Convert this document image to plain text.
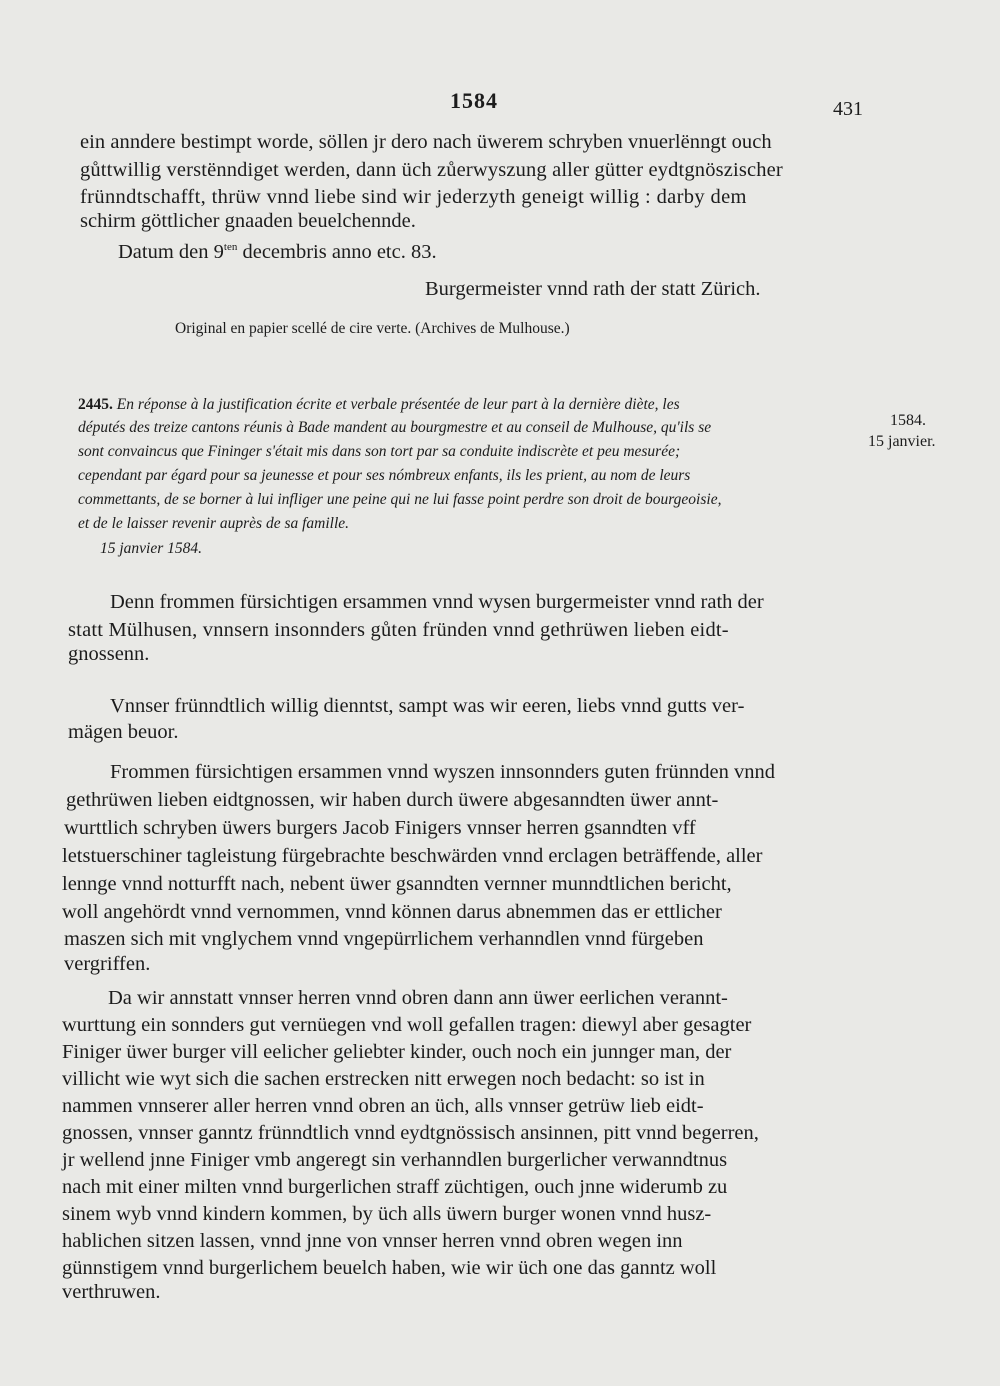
1584	431
ein anndere bestimpt worde, söllen jr dero nach üwerem schryben vnuerlënngt ouch
gůttwillig verstënndiget werden, dann üch zůerwyszung aller gütter eydtgnöszischer
frünndtschafft, thrüw vnnd liebe sind wir jederzyth geneigt willig : darby dem
schirm göttlicher gnaaden beuelchennde.
Datum den $9^{ten}$ decembris anno etc. 83.
Burgermeister vnnd rath der statt Zürich.
Original en papier scellé de cire verte. (Archives de Mulhouse.)
2445. En réponse à la justification écrite et verbale présentée de leur part à la dernière diète, les
députés des treize cantons réunis à Bade mandent au bourgmestre et au conseil de Mulhouse, qu'ils se
sont convaincus que Fininger s'était mis dans son tort par sa conduite indiscrète et peu mesurée;
cependant par égard pour sa jeunesse et pour ses nómbreux enfants, ils les prient, au nom de leurs
commettants, de se borner à lui infliger une peine qui ne lui fasse point perdre son droit de bourgeoisie,
et de le laisser revenir auprès de sa famille.
15 janvier 1584.
1584.
15 janvier.
Denn frommen fürsichtigen ersammen vnnd wysen burgermeister vnnd rath der
statt Mülhusen, vnnsern insonnders gůten fründen vnnd gethrüwen lieben eidt-
gnossenn.
Vnnser frünndtlich willig dienntst, sampt was wir eeren, liebs vnnd gutts ver-
mägen beuor.
Frommen fürsichtigen ersammen vnnd wyszen innsonnders guten frünnden vnnd
gethrüwen lieben eidtgnossen, wir haben durch üwere abgesanndten üwer annt-
wurttlich schryben üwers burgers Jacob Finigers vnnser herren gsanndten vff
letstuerschiner tagleistung fürgebrachte beschwärden vnnd erclagen beträffende, aller
lennge vnnd notturfft nach, nebent üwer gsanndten vernner munndtlichen bericht,
woll angehördt vnnd vernommen, vnnd können darus abnemmen das er ettlicher
maszen sich mit vnglychem vnnd vngepürrlichem verhanndlen vnnd fürgeben
vergriffen.
Da wir annstatt vnnser herren vnnd obren dann ann üwer eerlichen verannt-
wurttung ein sonnders gut vernüegen vnd woll gefallen tragen: diewyl aber gesagter
Finiger üwer burger vill eelicher geliebter kinder, ouch noch ein junnger man, der
villicht wie wyt sich die sachen erstrecken nitt erwegen noch bedacht: so ist in
nammen vnnserer aller herren vnnd obren an üch, alls vnnser getrüw lieb eidt-
gnossen, vnnser ganntz frünndtlich vnnd eydtgnössisch ansinnen, pitt vnnd begerren,
jr wellend jnne Finiger vmb angeregt sin verhanndlen burgerlicher verwanndtnus
nach mit einer milten vnnd burgerlichen straff züchtigen, ouch jnne widerumb zu
sinem wyb vnnd kindern kommen, by üch alls üwern burger wonen vnnd husz-
hablichen sitzen lassen, vnnd jnne von vnnser herren vnnd obren wegen inn
günnstigem vnnd burgerlichem beuelch haben, wie wir üch one das ganntz woll
verthruwen.
